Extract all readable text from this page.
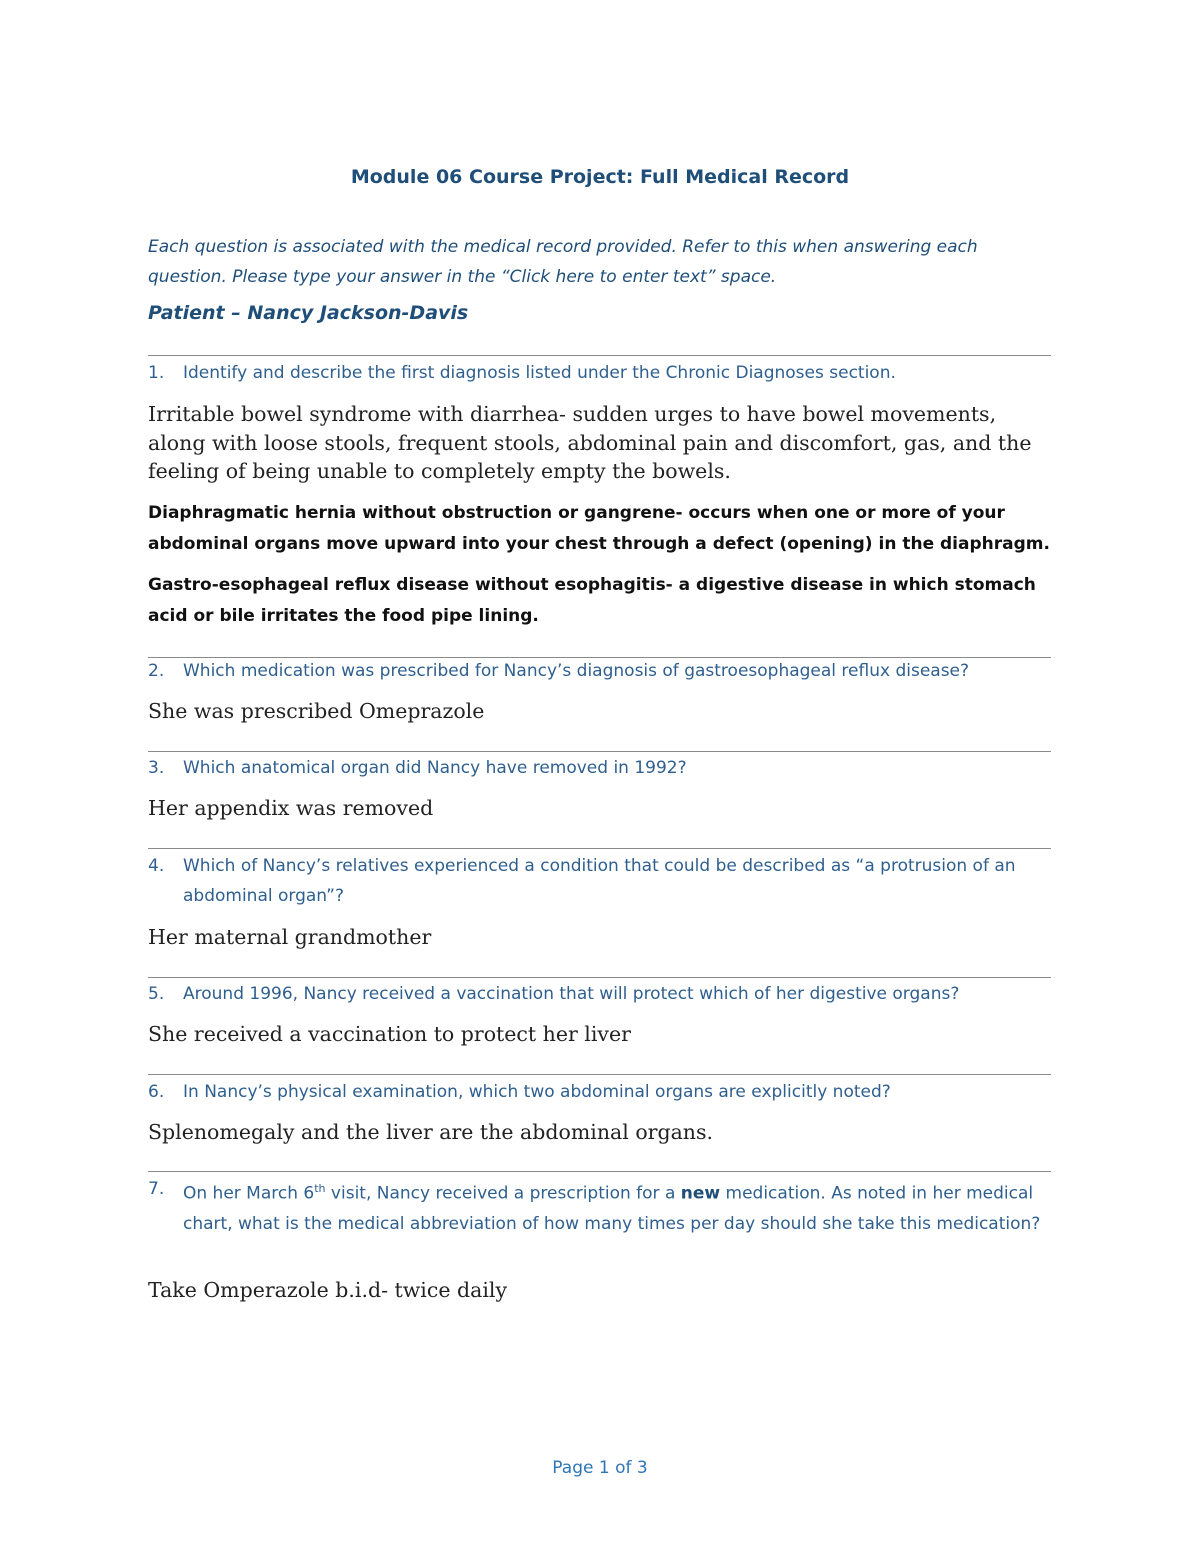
Module 06 Course Project: Full Medical Record
Each question is associated with the medical record provided. Refer to this when answering each question. Please type your answer in the “Click here to enter text” space.
Patient – Nancy Jackson-Davis
1.	Identify and describe the first diagnosis listed under the Chronic Diagnoses section.
Irritable bowel syndrome with diarrhea- sudden urges to have bowel movements, along with loose stools, frequent stools, abdominal pain and discomfort, gas, and the feeling of being unable to completely empty the bowels.
Diaphragmatic hernia without obstruction or gangrene- occurs when one or more of your abdominal organs move upward into your chest through a defect (opening) in the diaphragm.
Gastro-esophageal reflux disease without esophagitis- a digestive disease in which stomach acid or bile irritates the food pipe lining.
2.	Which medication was prescribed for Nancy’s diagnosis of gastroesophageal reflux disease?
She was prescribed Omeprazole
3.	Which anatomical organ did Nancy have removed in 1992?
Her appendix was removed
4.	Which of Nancy’s relatives experienced a condition that could be described as “a protrusion of an abdominal organ”?
Her maternal grandmother
5.	Around 1996, Nancy received a vaccination that will protect which of her digestive organs?
She received a vaccination to protect her liver
6.	In Nancy’s physical examination, which two abdominal organs are explicitly noted?
Splenomegaly and the liver are the abdominal organs.
7.	On her March 6th visit, Nancy received a prescription for a new medication. As noted in her medical chart, what is the medical abbreviation of how many times per day should she take this medication?
Take Omperazole b.i.d- twice daily
Page 1 of 3
